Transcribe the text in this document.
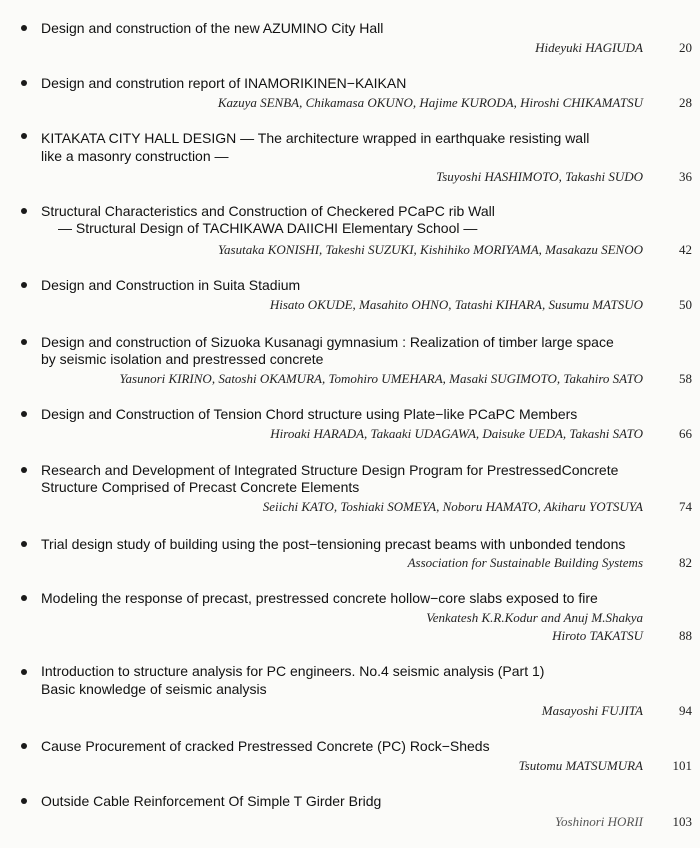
Design and construction of the new AZUMINO City Hall
Hideyuki HAGIUDA	20
Design and constrution report of INAMORIKINEN−KAIKAN
Kazuya SENBA, Chikamasa OKUNO, Hajime KURODA, Hiroshi CHIKAMATSU	28
KITAKATA CITY HALL DESIGN — The architecture wrapped in earthquake resisting wall
like a masonry construction —
Tsuyoshi HASHIMOTO, Takashi SUDO	36
Structural Characteristics and Construction of Checkered PCaPC rib Wall
— Structural Design of TACHIKAWA DAIICHI Elementary School —
Yasutaka KONISHI, Takeshi SUZUKI, Kishihiko MORIYAMA, Masakazu SENOO	42
Design and Construction in Suita Stadium
Hisato OKUDE, Masahito OHNO, Tatashi KIHARA, Susumu MATSUO	50
Design and construction of Sizuoka Kusanagi gymnasium : Realization of timber large space
by seismic isolation and prestressed concrete
Yasunori KIRINO, Satoshi OKAMURA, Tomohiro UMEHARA, Masaki SUGIMOTO, Takahiro SATO	58
Design and Construction of Tension Chord structure using Plate−like PCaPC Members
Hiroaki HARADA, Takaaki UDAGAWA, Daisuke UEDA, Takashi SATO	66
Research and Development of Integrated Structure Design Program for PrestressedConcrete
Structure Comprised of Precast Concrete Elements
Seiichi KATO, Toshiaki SOMEYA, Noboru HAMATO, Akiharu YOTSUYA	74
Trial design study of building using the post−tensioning precast beams with unbonded tendons
Association for Sustainable Building Systems	82
Modeling the response of precast, prestressed concrete hollow−core slabs exposed to fire
Venkatesh K.R.Kodur and Anuj M.Shakya
Hiroto TAKATSU	88
Introduction to structure analysis for PC engineers. No.4 seismic analysis (Part 1)
Basic knowledge of seismic analysis
Masayoshi FUJITA	94
Cause Procurement of cracked Prestressed Concrete (PC) Rock−Sheds
Tsutomu MATSUMURA	101
Outside Cable Reinforcement Of Simple T Girder Bridg
Yoshinori HORII	103
